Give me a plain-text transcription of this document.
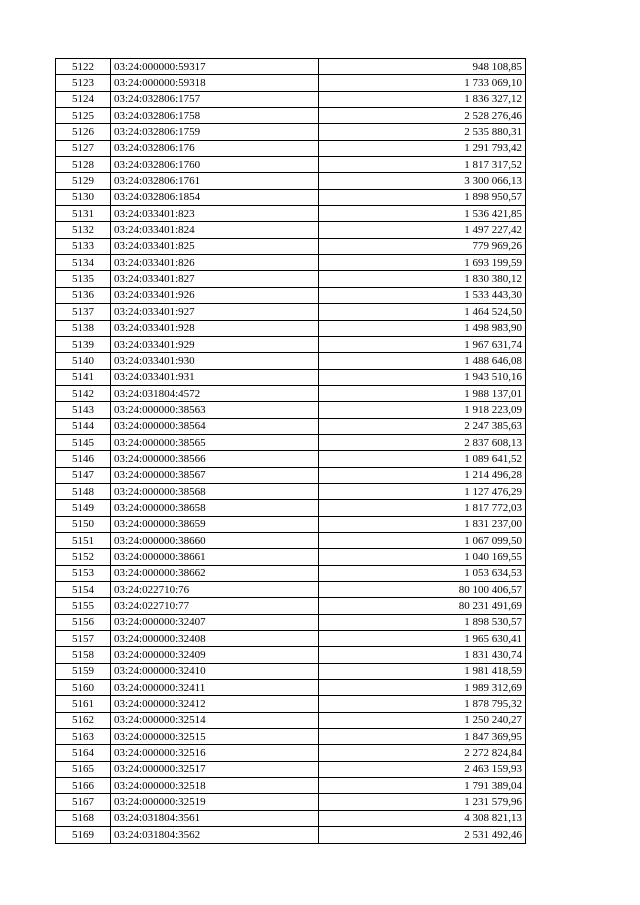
5122	03:24:000000:59317	948 108,85
5123	03:24:000000:59318	1 733 069,10
5124	03:24:032806:1757	1 836 327,12
5125	03:24:032806:1758	2 528 276,46
5126	03:24:032806:1759	2 535 880,31
5127	03:24:032806:176	1 291 793,42
5128	03:24:032806:1760	1 817 317,52
5129	03:24:032806:1761	3 300 066,13
5130	03:24:032806:1854	1 898 950,57
5131	03:24:033401:823	1 536 421,85
5132	03:24:033401:824	1 497 227,42
5133	03:24:033401:825	779 969,26
5134	03:24:033401:826	1 693 199,59
5135	03:24:033401:827	1 830 380,12
5136	03:24:033401:926	1 533 443,30
5137	03:24:033401:927	1 464 524,50
5138	03:24:033401:928	1 498 983,90
5139	03:24:033401:929	1 967 631,74
5140	03:24:033401:930	1 488 646,08
5141	03:24:033401:931	1 943 510,16
5142	03:24:031804:4572	1 988 137,01
5143	03:24:000000:38563	1 918 223,09
5144	03:24:000000:38564	2 247 385,63
5145	03:24:000000:38565	2 837 608,13
5146	03:24:000000:38566	1 089 641,52
5147	03:24:000000:38567	1 214 496,28
5148	03:24:000000:38568	1 127 476,29
5149	03:24:000000:38658	1 817 772,03
5150	03:24:000000:38659	1 831 237,00
5151	03:24:000000:38660	1 067 099,50
5152	03:24:000000:38661	1 040 169,55
5153	03:24:000000:38662	1 053 634,53
5154	03:24:022710:76	80 100 406,57
5155	03:24:022710:77	80 231 491,69
5156	03:24:000000:32407	1 898 530,57
5157	03:24:000000:32408	1 965 630,41
5158	03:24:000000:32409	1 831 430,74
5159	03:24:000000:32410	1 981 418,59
5160	03:24:000000:32411	1 989 312,69
5161	03:24:000000:32412	1 878 795,32
5162	03:24:000000:32514	1 250 240,27
5163	03:24:000000:32515	1 847 369,95
5164	03:24:000000:32516	2 272 824,84
5165	03:24:000000:32517	2 463 159,93
5166	03:24:000000:32518	1 791 389,04
5167	03:24:000000:32519	1 231 579,96
5168	03:24:031804:3561	4 308 821,13
5169	03:24:031804:3562	2 531 492,46
